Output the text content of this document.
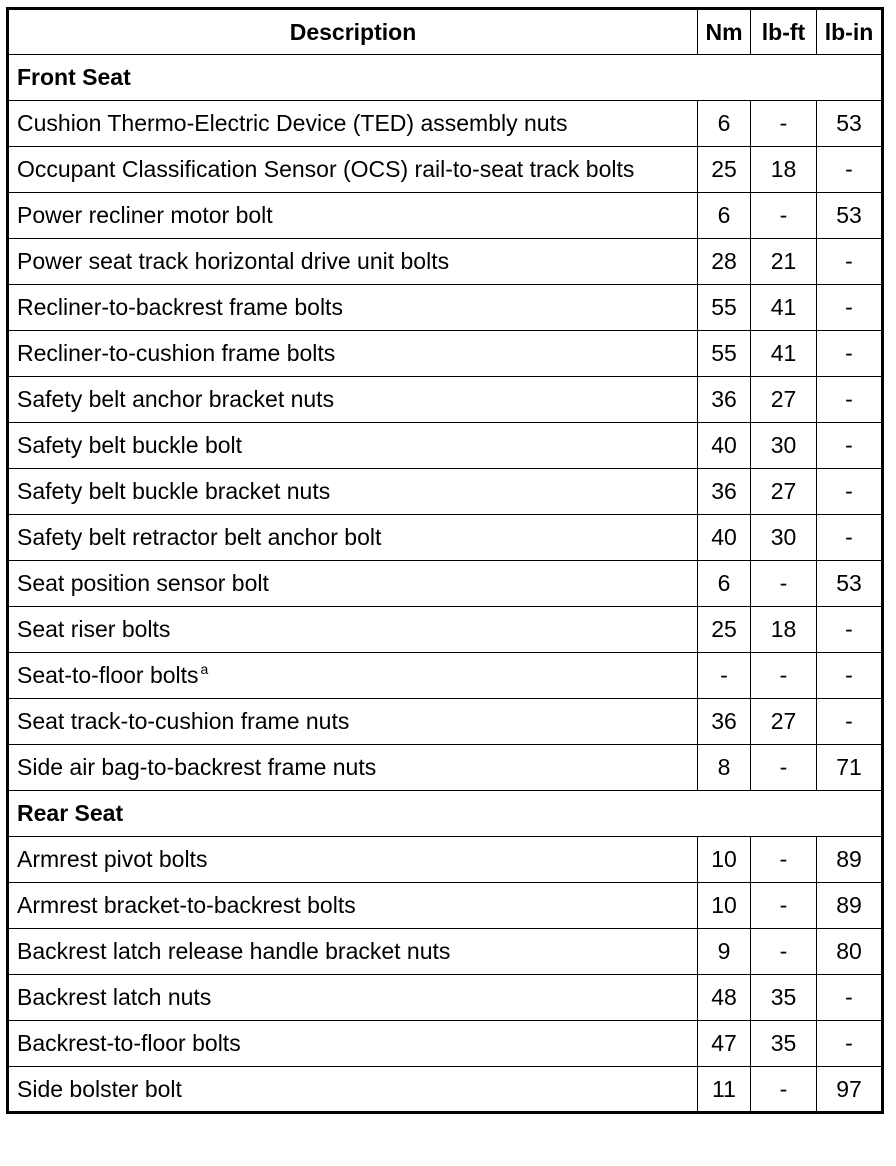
Description	Nm	lb-ft	lb-in
Front Seat			
Cushion Thermo-Electric Device (TED) assembly nuts	6	-	53
Occupant Classification Sensor (OCS) rail-to-seat track bolts	25	18	-
Power recliner motor bolt	6	-	53
Power seat track horizontal drive unit bolts	28	21	-
Recliner-to-backrest frame bolts	55	41	-
Recliner-to-cushion frame bolts	55	41	-
Safety belt anchor bracket nuts	36	27	-
Safety belt buckle bolt	40	30	-
Safety belt buckle bracket nuts	36	27	-
Safety belt retractor belt anchor bolt	40	30	-
Seat position sensor bolt	6	-	53
Seat riser bolts	25	18	-
Seat-to-floor bolts $^a$	-	-	-
Seat track-to-cushion frame nuts	36	27	-
Side air bag-to-backrest frame nuts	8	-	71
Rear Seat			
Armrest pivot bolts	10	-	89
Armrest bracket-to-backrest bolts	10	-	89
Backrest latch release handle bracket nuts	9	-	80
Backrest latch nuts	48	35	-
Backrest-to-floor bolts	47	35	-
Side bolster bolt	11	-	97
